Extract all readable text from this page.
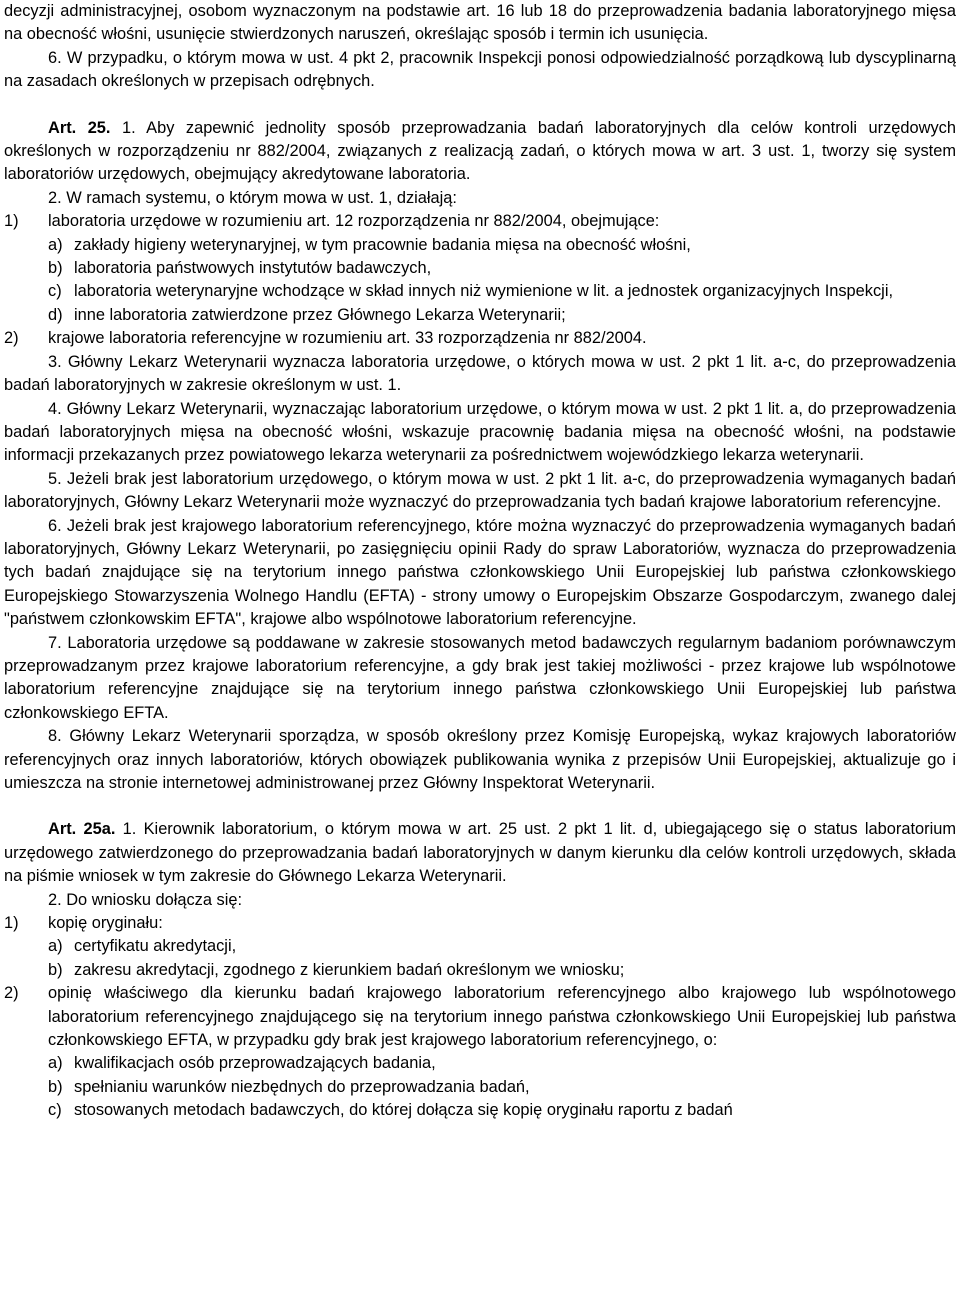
decyzji administracyjnej, osobom wyznaczonym na podstawie art. 16 lub 18 do przeprowadzenia badania laboratoryjnego mięsa na obecność włośni, usunięcie stwierdzonych naruszeń, określając sposób i termin ich usunięcia.

6. W przypadku, o którym mowa w ust. 4 pkt 2, pracownik Inspekcji ponosi odpowiedzialność porządkową lub dyscyplinarną na zasadach określonych w przepisach odrębnych.

Art. 25. 1. Aby zapewnić jednolity sposób przeprowadzania badań laboratoryjnych dla celów kontroli urzędowych określonych w rozporządzeniu nr 882/2004, związanych z realizacją zadań, o których mowa w art. 3 ust. 1, tworzy się system laboratoriów urzędowych, obejmujący akredytowane laboratoria.

2. W ramach systemu, o którym mowa w ust. 1, działają:

1)	laboratoria urzędowe w rozumieniu art. 12 rozporządzenia nr 882/2004, obejmujące:
a) zakłady higieny weterynaryjnej, w tym pracownie badania mięsa na obecność włośni,
b) laboratoria państwowych instytutów badawczych,
c) laboratoria weterynaryjne wchodzące w skład innych niż wymienione w lit. a jednostek organizacyjnych Inspekcji,
d) inne laboratoria zatwierdzone przez Głównego Lekarza Weterynarii;
2)	krajowe laboratoria referencyjne w rozumieniu art. 33 rozporządzenia nr 882/2004.

3. Główny Lekarz Weterynarii wyznacza laboratoria urzędowe, o których mowa w ust. 2 pkt 1 lit. a-c, do przeprowadzenia badań laboratoryjnych w zakresie określonym w ust. 1.

4. Główny Lekarz Weterynarii, wyznaczając laboratorium urzędowe, o którym mowa w ust. 2 pkt 1 lit. a, do przeprowadzenia badań laboratoryjnych mięsa na obecność włośni, wskazuje pracownię badania mięsa na obecność włośni, na podstawie informacji przekazanych przez powiatowego lekarza weterynarii za pośrednictwem wojewódzkiego lekarza weterynarii.

5. Jeżeli brak jest laboratorium urzędowego, o którym mowa w ust. 2 pkt 1 lit. a-c, do przeprowadzenia wymaganych badań laboratoryjnych, Główny Lekarz Weterynarii może wyznaczyć do przeprowadzania tych badań krajowe laboratorium referencyjne.

6. Jeżeli brak jest krajowego laboratorium referencyjnego, które można wyznaczyć do przeprowadzenia wymaganych badań laboratoryjnych, Główny Lekarz Weterynarii, po zasięgnięciu opinii Rady do spraw Laboratoriów, wyznacza do przeprowadzenia tych badań znajdujące się na terytorium innego państwa członkowskiego Unii Europejskiej lub państwa członkowskiego Europejskiego Stowarzyszenia Wolnego Handlu (EFTA) - strony umowy o Europejskim Obszarze Gospodarczym, zwanego dalej "państwem członkowskim EFTA", krajowe albo wspólnotowe laboratorium referencyjne.

7. Laboratoria urzędowe są poddawane w zakresie stosowanych metod badawczych regularnym badaniom porównawczym przeprowadzanym przez krajowe laboratorium referencyjne, a gdy brak jest takiej możliwości - przez krajowe lub wspólnotowe laboratorium referencyjne znajdujące się na terytorium innego państwa członkowskiego Unii Europejskiej lub państwa członkowskiego EFTA.

8. Główny Lekarz Weterynarii sporządza, w sposób określony przez Komisję Europejską, wykaz krajowych laboratoriów referencyjnych oraz innych laboratoriów, których obowiązek publikowania wynika z przepisów Unii Europejskiej, aktualizuje go i umieszcza na stronie internetowej administrowanej przez Główny Inspektorat Weterynarii.

Art. 25a. 1. Kierownik laboratorium, o którym mowa w art. 25 ust. 2 pkt 1 lit. d, ubiegającego się o status laboratorium urzędowego zatwierdzonego do przeprowadzania badań laboratoryjnych w danym kierunku dla celów kontroli urzędowych, składa na piśmie wniosek w tym zakresie do Głównego Lekarza Weterynarii.

2. Do wniosku dołącza się:

1)	kopię oryginału:
a) certyfikatu akredytacji,
b) zakresu akredytacji, zgodnego z kierunkiem badań określonym we wniosku;
2)	opinię właściwego dla kierunku badań krajowego laboratorium referencyjnego albo krajowego lub wspólnotowego laboratorium referencyjnego znajdującego się na terytorium innego państwa członkowskiego Unii Europejskiej lub państwa członkowskiego EFTA, w przypadku gdy brak jest krajowego laboratorium referencyjnego, o:
a) kwalifikacjach osób przeprowadzających badania,
b) spełnianiu warunków niezbędnych do przeprowadzania badań,
c) stosowanych metodach badawczych, do której dołącza się kopię oryginału raportu z badań
